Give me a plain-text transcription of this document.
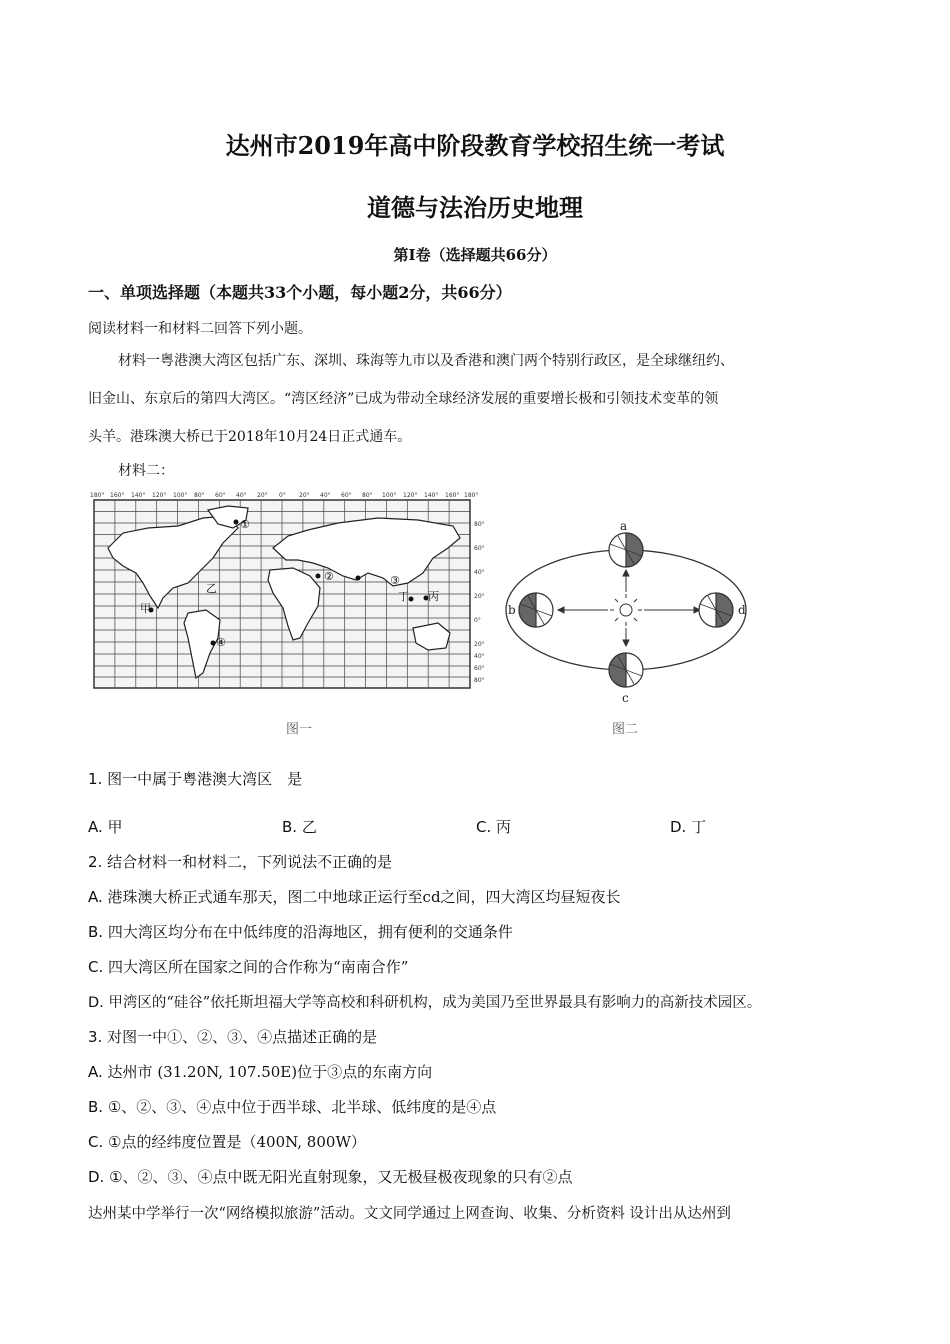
达州市2019年高中阶段教育学校招生统一考试
道德与法治历史地理
第Ⅰ卷（选择题共66分）
一、单项选择题（本题共33个小题，每小题2分，共66分）
阅读材料一和材料二回答下列小题。
材料一粤港澳大湾区包括广东、深圳、珠海等九市以及香港和澳门两个特别行政区，是全球继纽约、
旧金山、东京后的第四大湾区。“湾区经济”已成为带动全球经济发展的重要增长极和引领技术变革的领
头羊。港珠澳大桥已于2018年10月24日正式通车。
材料二：
①
②	③
④
甲
乙
丙
丁
180° 160° 140° 120° 100° 80° 60° 40° 20° 0° 20° 40° 60° 80° 100° 120° 140° 160° 180°
80°
60°
40°
20°
0°
20°
40°
60°
80°
图一
a
b
c
d
图二
1. 图一中属于粤港澳大湾区　是
A. 甲	B. 乙	C. 丙	D. 丁
2. 结合材料一和材料二，下列说法不正确的是
A. 港珠澳大桥正式通车那天，图二中地球正运行至cd之间，四大湾区均昼短夜长
B. 四大湾区均分布在中低纬度的沿海地区，拥有便利的交通条件
C. 四大湾区所在国家之间的合作称为“南南合作”
D. 甲湾区的“硅谷”依托斯坦福大学等高校和科研机构，成为美国乃至世界最具有影响力的高新技术园区。
3. 对图一中①、②、③、④点描述正确的是
A. 达州市 (31.20N, 107.50E)位于③点的东南方向
B. ①、②、③、④点中位于西半球、北半球、低纬度的是④点
C. ①点的经纬度位置是（400N, 800W）
D. ①、②、③、④点中既无阳光直射现象，又无极昼极夜现象的只有②点
达州某中学举行一次“网络模拟旅游”活动。文文同学通过上网查询、收集、分析资料 设计出从达州到
